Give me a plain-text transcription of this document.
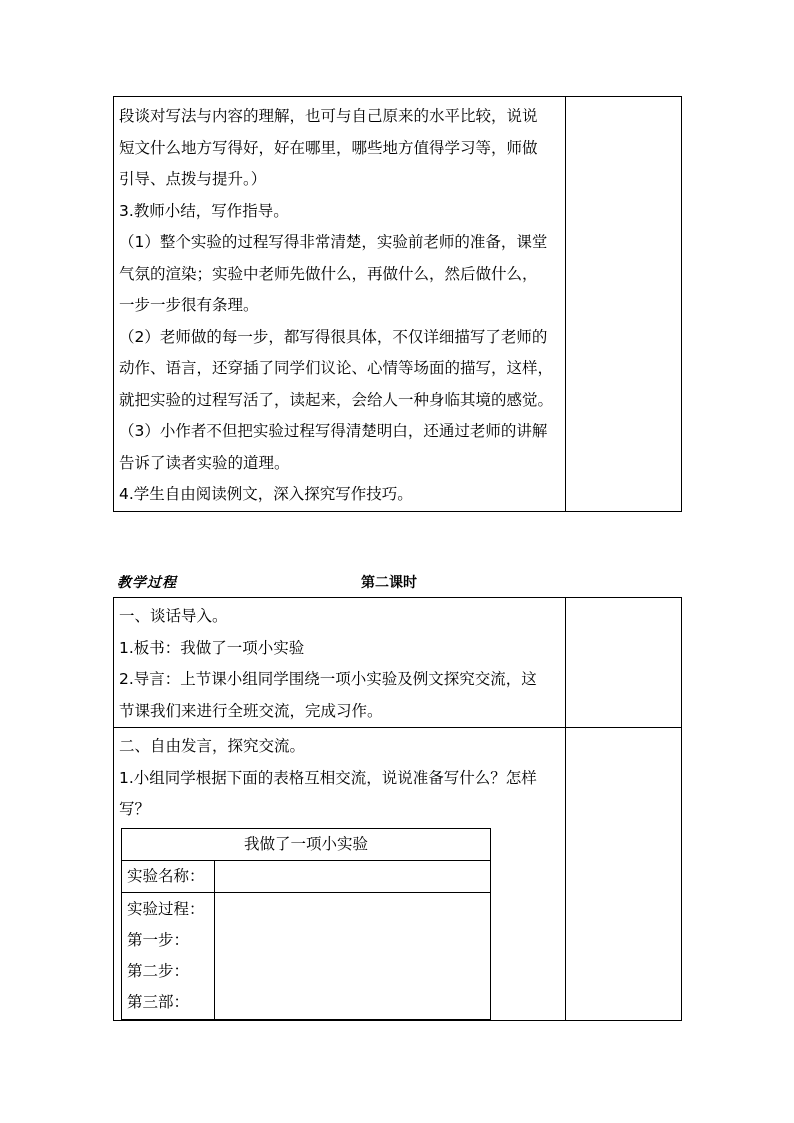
段谈对写法与内容的理解，也可与自己原来的水平比较，说说

短文什么地方写得好，好在哪里，哪些地方值得学习等，师做

引导、点拨与提升。）

3.教师小结，写作指导。

（1）整个实验的过程写得非常清楚，实验前老师的准备，课堂

气氛的渲染；实验中老师先做什么，再做什么，然后做什么，

一步一步很有条理。

（2）老师做的每一步，都写得很具体，不仅详细描写了老师的

动作、语言，还穿插了同学们议论、心情等场面的描写，这样，

就把实验的过程写活了，读起来，会给人一种身临其境的感觉。

（3）小作者不但把实验过程写得清楚明白，还通过老师的讲解

告诉了读者实验的道理。

4.学生自由阅读例文，深入探究写作技巧。

教学过程	第二课时

一、谈话导入。

1.板书：我做了一项小实验

2.导言：上节课小组同学围绕一项小实验及例文探究交流，这

节课我们来进行全班交流，完成习作。

二、自由发言，探究交流。

1.小组同学根据下面的表格互相交流，说说准备写什么？怎样

写？

我做了一项小实验
实验名称：	

实验过程：
第一步：
第二步：
第三部：
